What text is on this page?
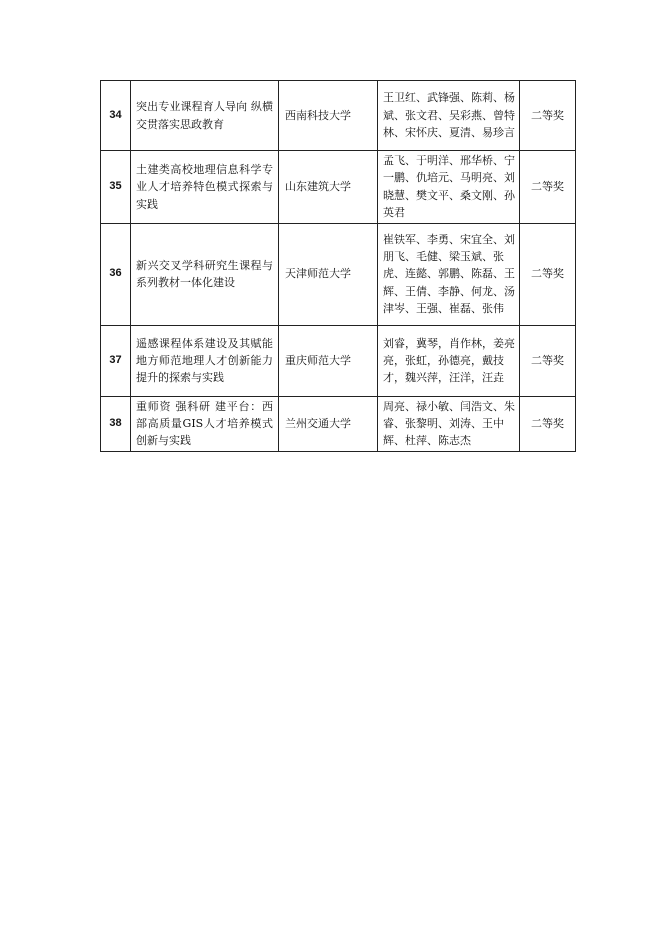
34	突出专业课程育人导向 纵横交贯落实思政教育	西南科技大学	王卫红、武锋强、陈莉、杨斌、张文君、吴彩燕、曾特林、宋怀庆、夏清、易珍言	二等奖
35	土建类高校地理信息科学专业人才培养特色模式探索与实践	山东建筑大学	孟飞、于明洋、邢华桥、宁一鹏、仇培元、马明亮、刘晓慧、樊文平、桑文刚、孙英君	二等奖
36	新兴交叉学科研究生课程与系列教材一体化建设	天津师范大学	崔铁军、李勇、宋宜全、刘朋飞、毛健、梁玉斌、张虎、连懿、郭鹏、陈磊、王辉、王倩、李静、何龙、汤津岑、王强、崔磊、张伟	二等奖
37	遥感课程体系建设及其赋能地方师范地理人才创新能力提升的探索与实践	重庆师范大学	刘睿，冀琴，肖作林，姜亮亮，张虹，孙德亮，戴技才，魏兴萍，汪洋，汪垚	二等奖
38	重师资 强科研 建平台：西部高质量GIS人才培养模式创新与实践	兰州交通大学	周亮、禄小敏、闫浩文、朱睿、张黎明、刘涛、王中辉、杜萍、陈志杰	二等奖
